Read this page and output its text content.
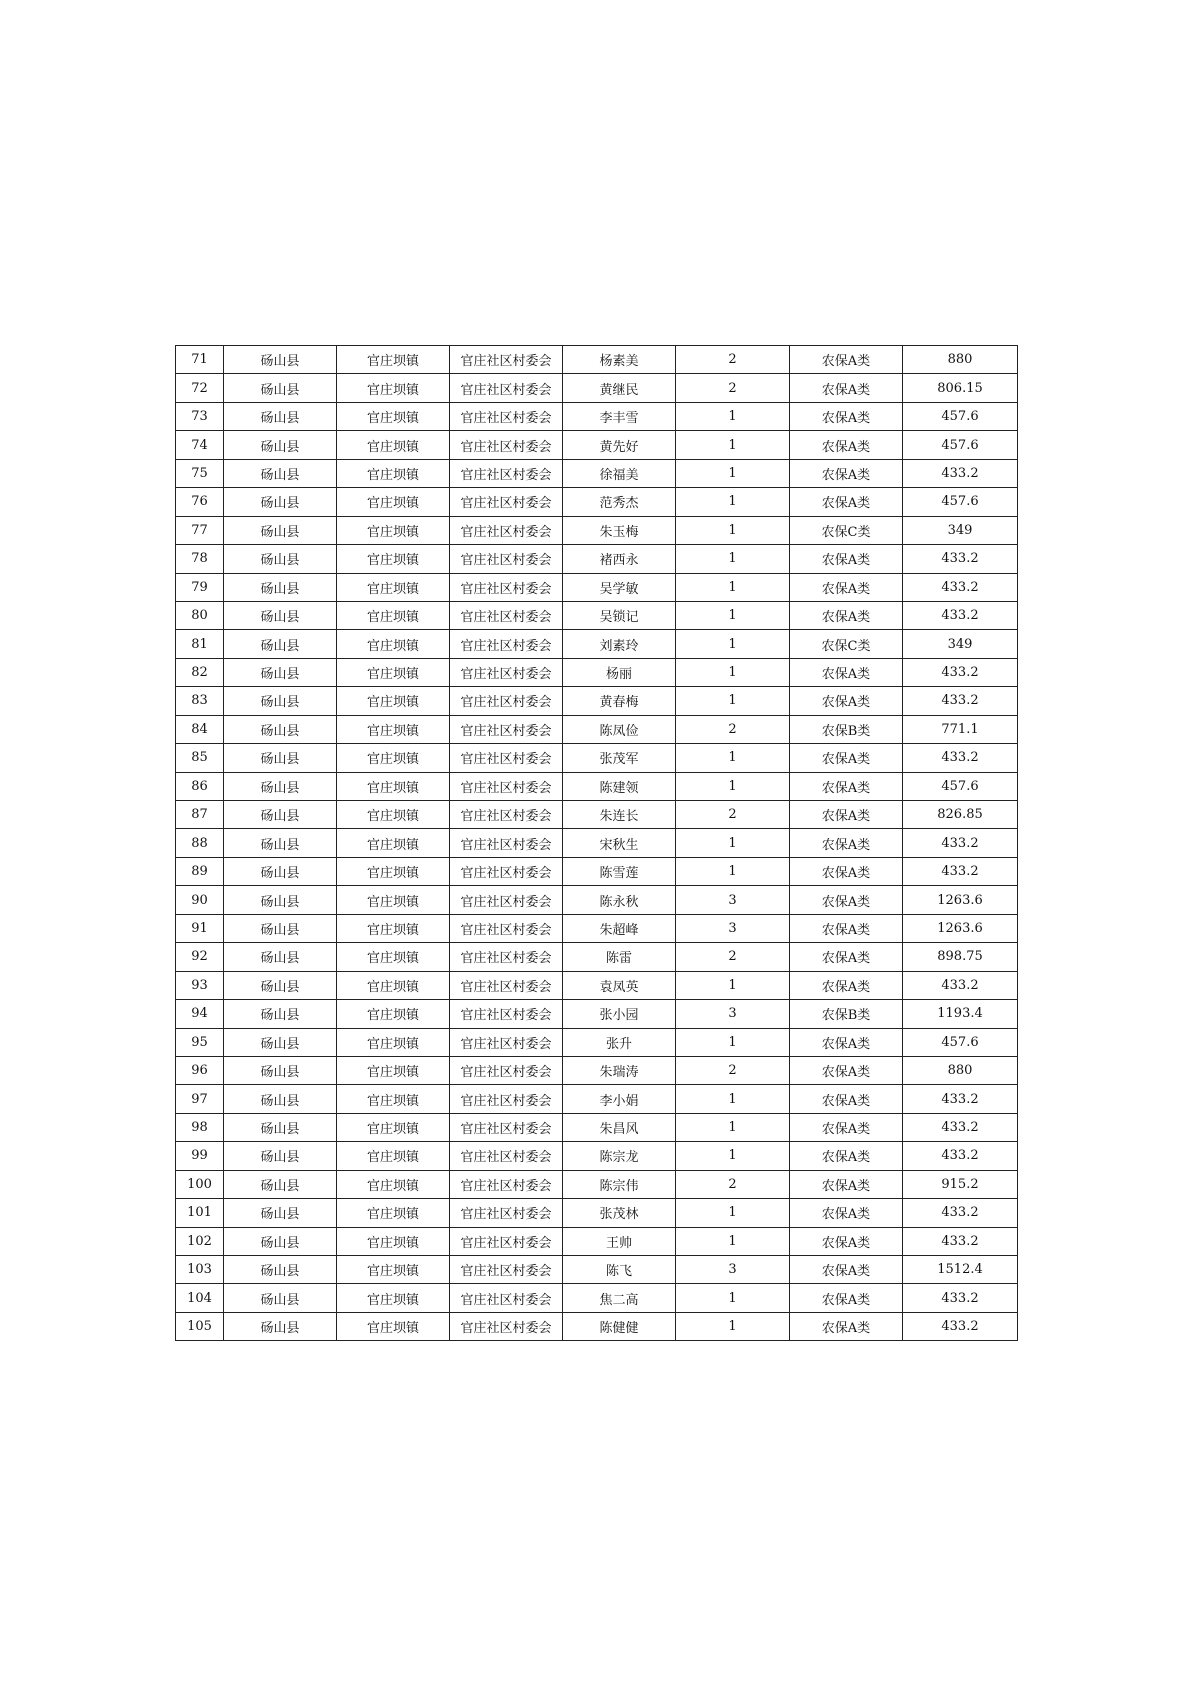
71	砀山县	官庄坝镇	官庄社区村委会	杨素美	2	农保A类	880
72	砀山县	官庄坝镇	官庄社区村委会	黄继民	2	农保A类	806.15
73	砀山县	官庄坝镇	官庄社区村委会	李丰雪	1	农保A类	457.6
74	砀山县	官庄坝镇	官庄社区村委会	黄先好	1	农保A类	457.6
75	砀山县	官庄坝镇	官庄社区村委会	徐福美	1	农保A类	433.2
76	砀山县	官庄坝镇	官庄社区村委会	范秀杰	1	农保A类	457.6
77	砀山县	官庄坝镇	官庄社区村委会	朱玉梅	1	农保C类	349
78	砀山县	官庄坝镇	官庄社区村委会	褚西永	1	农保A类	433.2
79	砀山县	官庄坝镇	官庄社区村委会	吴学敏	1	农保A类	433.2
80	砀山县	官庄坝镇	官庄社区村委会	吴锁记	1	农保A类	433.2
81	砀山县	官庄坝镇	官庄社区村委会	刘素玲	1	农保C类	349
82	砀山县	官庄坝镇	官庄社区村委会	杨丽	1	农保A类	433.2
83	砀山县	官庄坝镇	官庄社区村委会	黄春梅	1	农保A类	433.2
84	砀山县	官庄坝镇	官庄社区村委会	陈凤俭	2	农保B类	771.1
85	砀山县	官庄坝镇	官庄社区村委会	张茂军	1	农保A类	433.2
86	砀山县	官庄坝镇	官庄社区村委会	陈建领	1	农保A类	457.6
87	砀山县	官庄坝镇	官庄社区村委会	朱连长	2	农保A类	826.85
88	砀山县	官庄坝镇	官庄社区村委会	宋秋生	1	农保A类	433.2
89	砀山县	官庄坝镇	官庄社区村委会	陈雪莲	1	农保A类	433.2
90	砀山县	官庄坝镇	官庄社区村委会	陈永秋	3	农保A类	1263.6
91	砀山县	官庄坝镇	官庄社区村委会	朱超峰	3	农保A类	1263.6
92	砀山县	官庄坝镇	官庄社区村委会	陈雷	2	农保A类	898.75
93	砀山县	官庄坝镇	官庄社区村委会	袁凤英	1	农保A类	433.2
94	砀山县	官庄坝镇	官庄社区村委会	张小园	3	农保B类	1193.4
95	砀山县	官庄坝镇	官庄社区村委会	张升	1	农保A类	457.6
96	砀山县	官庄坝镇	官庄社区村委会	朱瑞涛	2	农保A类	880
97	砀山县	官庄坝镇	官庄社区村委会	李小娟	1	农保A类	433.2
98	砀山县	官庄坝镇	官庄社区村委会	朱昌风	1	农保A类	433.2
99	砀山县	官庄坝镇	官庄社区村委会	陈宗龙	1	农保A类	433.2
100	砀山县	官庄坝镇	官庄社区村委会	陈宗伟	2	农保A类	915.2
101	砀山县	官庄坝镇	官庄社区村委会	张茂林	1	农保A类	433.2
102	砀山县	官庄坝镇	官庄社区村委会	王帅	1	农保A类	433.2
103	砀山县	官庄坝镇	官庄社区村委会	陈飞	3	农保A类	1512.4
104	砀山县	官庄坝镇	官庄社区村委会	焦二高	1	农保A类	433.2
105	砀山县	官庄坝镇	官庄社区村委会	陈健健	1	农保A类	433.2
